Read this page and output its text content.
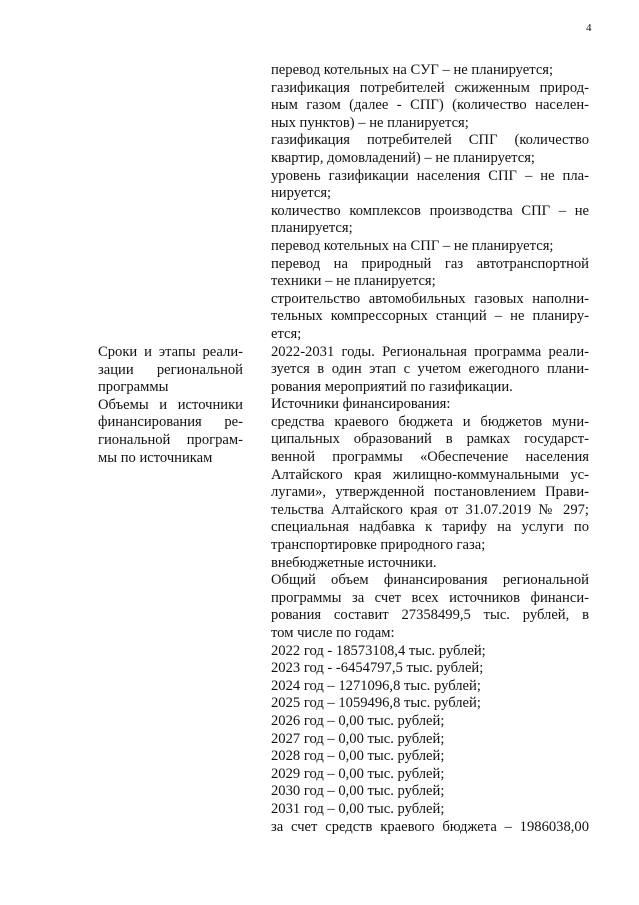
4
Сроки и этапы реали-
зации региональной
программы
Объемы и источники
финансирования ре-
гиональной програм-
мы по источникам
перевод котельных на СУГ – не планируется;
газификация потребителей сжиженным природ-
ным газом (далее - СПГ) (количество населен-
ных пунктов) – не планируется;
газификация потребителей СПГ (количество
квартир, домовладений) – не планируется;
уровень газификации населения СПГ – не пла-
нируется;
количество комплексов производства СПГ – не
планируется;
перевод котельных на СПГ – не планируется;
перевод на природный газ автотранспортной
техники – не планируется;
строительство автомобильных газовых наполни-
тельных компрессорных станций – не планиру-
ется;
2022-2031 годы. Региональная программа реали-
зуется в один этап с учетом ежегодного плани-
рования мероприятий по газификации.
Источники финансирования:
средства краевого бюджета и бюджетов муни-
ципальных образований в рамках государст-
венной программы «Обеспечение населения
Алтайского края жилищно-коммунальными ус-
лугами», утвержденной постановлением Прави-
тельства Алтайского края от 31.07.2019 № 297;
специальная надбавка к тарифу на услуги по
транспортировке природного газа;
внебюджетные источники.
Общий объем финансирования региональной
программы за счет всех источников финанси-
рования составит 27358499,5 тыс. рублей, в
том числе по годам:
2022 год - 18573108,4 тыс. рублей;
2023 год - -6454797,5 тыс. рублей;
2024 год – 1271096,8 тыс. рублей;
2025 год – 1059496,8 тыс. рублей;
2026 год – 0,00 тыс. рублей;
2027 год – 0,00 тыс. рублей;
2028 год – 0,00 тыс. рублей;
2029 год – 0,00 тыс. рублей;
2030 год – 0,00 тыс. рублей;
2031 год – 0,00 тыс. рублей;
за счет средств краевого бюджета – 1986038,00
